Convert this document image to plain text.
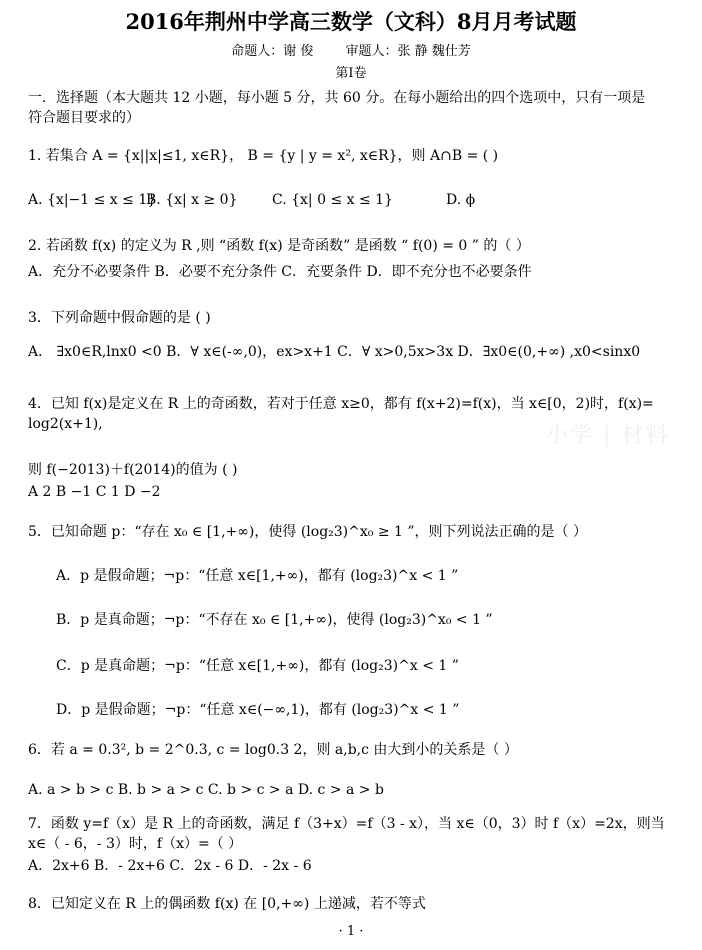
2016年荆州中学高三数学（文科）8月月考试题
命题人：谢 俊 审题人：张 静 魏仕芳
第Ⅰ卷
一．选择题（本大题共 12 小题，每小题 5 分，共 60 分。在每小题给出的四个选项中，只有一项是
符合题目要求的）
1. 若集合 A = {x||x|≤1, x∈R}， B = {y | y = x², x∈R}，则 A∩B = ( )
A. {x|−1 ≤ x ≤ 1}
B. {x| x ≥ 0} C. {x| 0 ≤ x ≤ 1}	D. ϕ
2. 若函数 f(x) 的定义为 R ,则 “函数 f(x) 是奇函数” 是函数 “ f(0) = 0 ” 的（ ）
A．充分不必要条件 B．必要不充分条件 C．充要条件 D．即不充分也不必要条件
3．下列命题中假命题的是 ( )
A． ∃x0∈R,lnx0 <0 B．∀ x∈(-∞,0)，ex>x+1 C．∀ x>0,5x>3x D．∃x0∈(0,+∞) ,x0<sinx0
4．已知 f(x)是定义在 R 上的奇函数，若对于任意 x≥0，都有 f(x+2)=f(x)，当 x∈[0，2)时，f(x)=
log2(x+1),	小学 | 材料
则 f(−2013)＋f(2014)的值为 ( )
A 2 B −1 C 1 D −2
5．已知命题 p：“存在 x₀ ∈ [1,+∞)，使得 (log₂3)^x₀ ≥ 1 ”，则下列说法正确的是（ ）
A．p 是假命题；¬p：“任意 x∈[1,+∞)，都有 (log₂3)^x < 1 ”
B．p 是真命题；¬p：“不存在 x₀ ∈ [1,+∞)，使得 (log₂3)^x₀ < 1 ”
C．p 是真命题；¬p：“任意 x∈[1,+∞)，都有 (log₂3)^x < 1 ”
D．p 是假命题；¬p：“任意 x∈(−∞,1)，都有 (log₂3)^x < 1 ”
6．若 a = 0.3², b = 2^0.3, c = log0.3 2，则 a,b,c 由大到小的关系是（ ）
A. a > b > c B. b > a > c C. b > c > a D. c > a > b
7．函数 y=f（x）是 R 上的奇函数，满足 f（3+x）=f（3 - x），当 x∈（0，3）时 f（x）=2x，则当
x∈（ - 6，- 3）时，f（x）=（ ）
A．2x+6 B．- 2x+6 C．2x - 6 D．- 2x - 6
8．已知定义在 R 上的偶函数 f(x) 在 [0,+∞) 上递减，若不等式
· 1 ·
